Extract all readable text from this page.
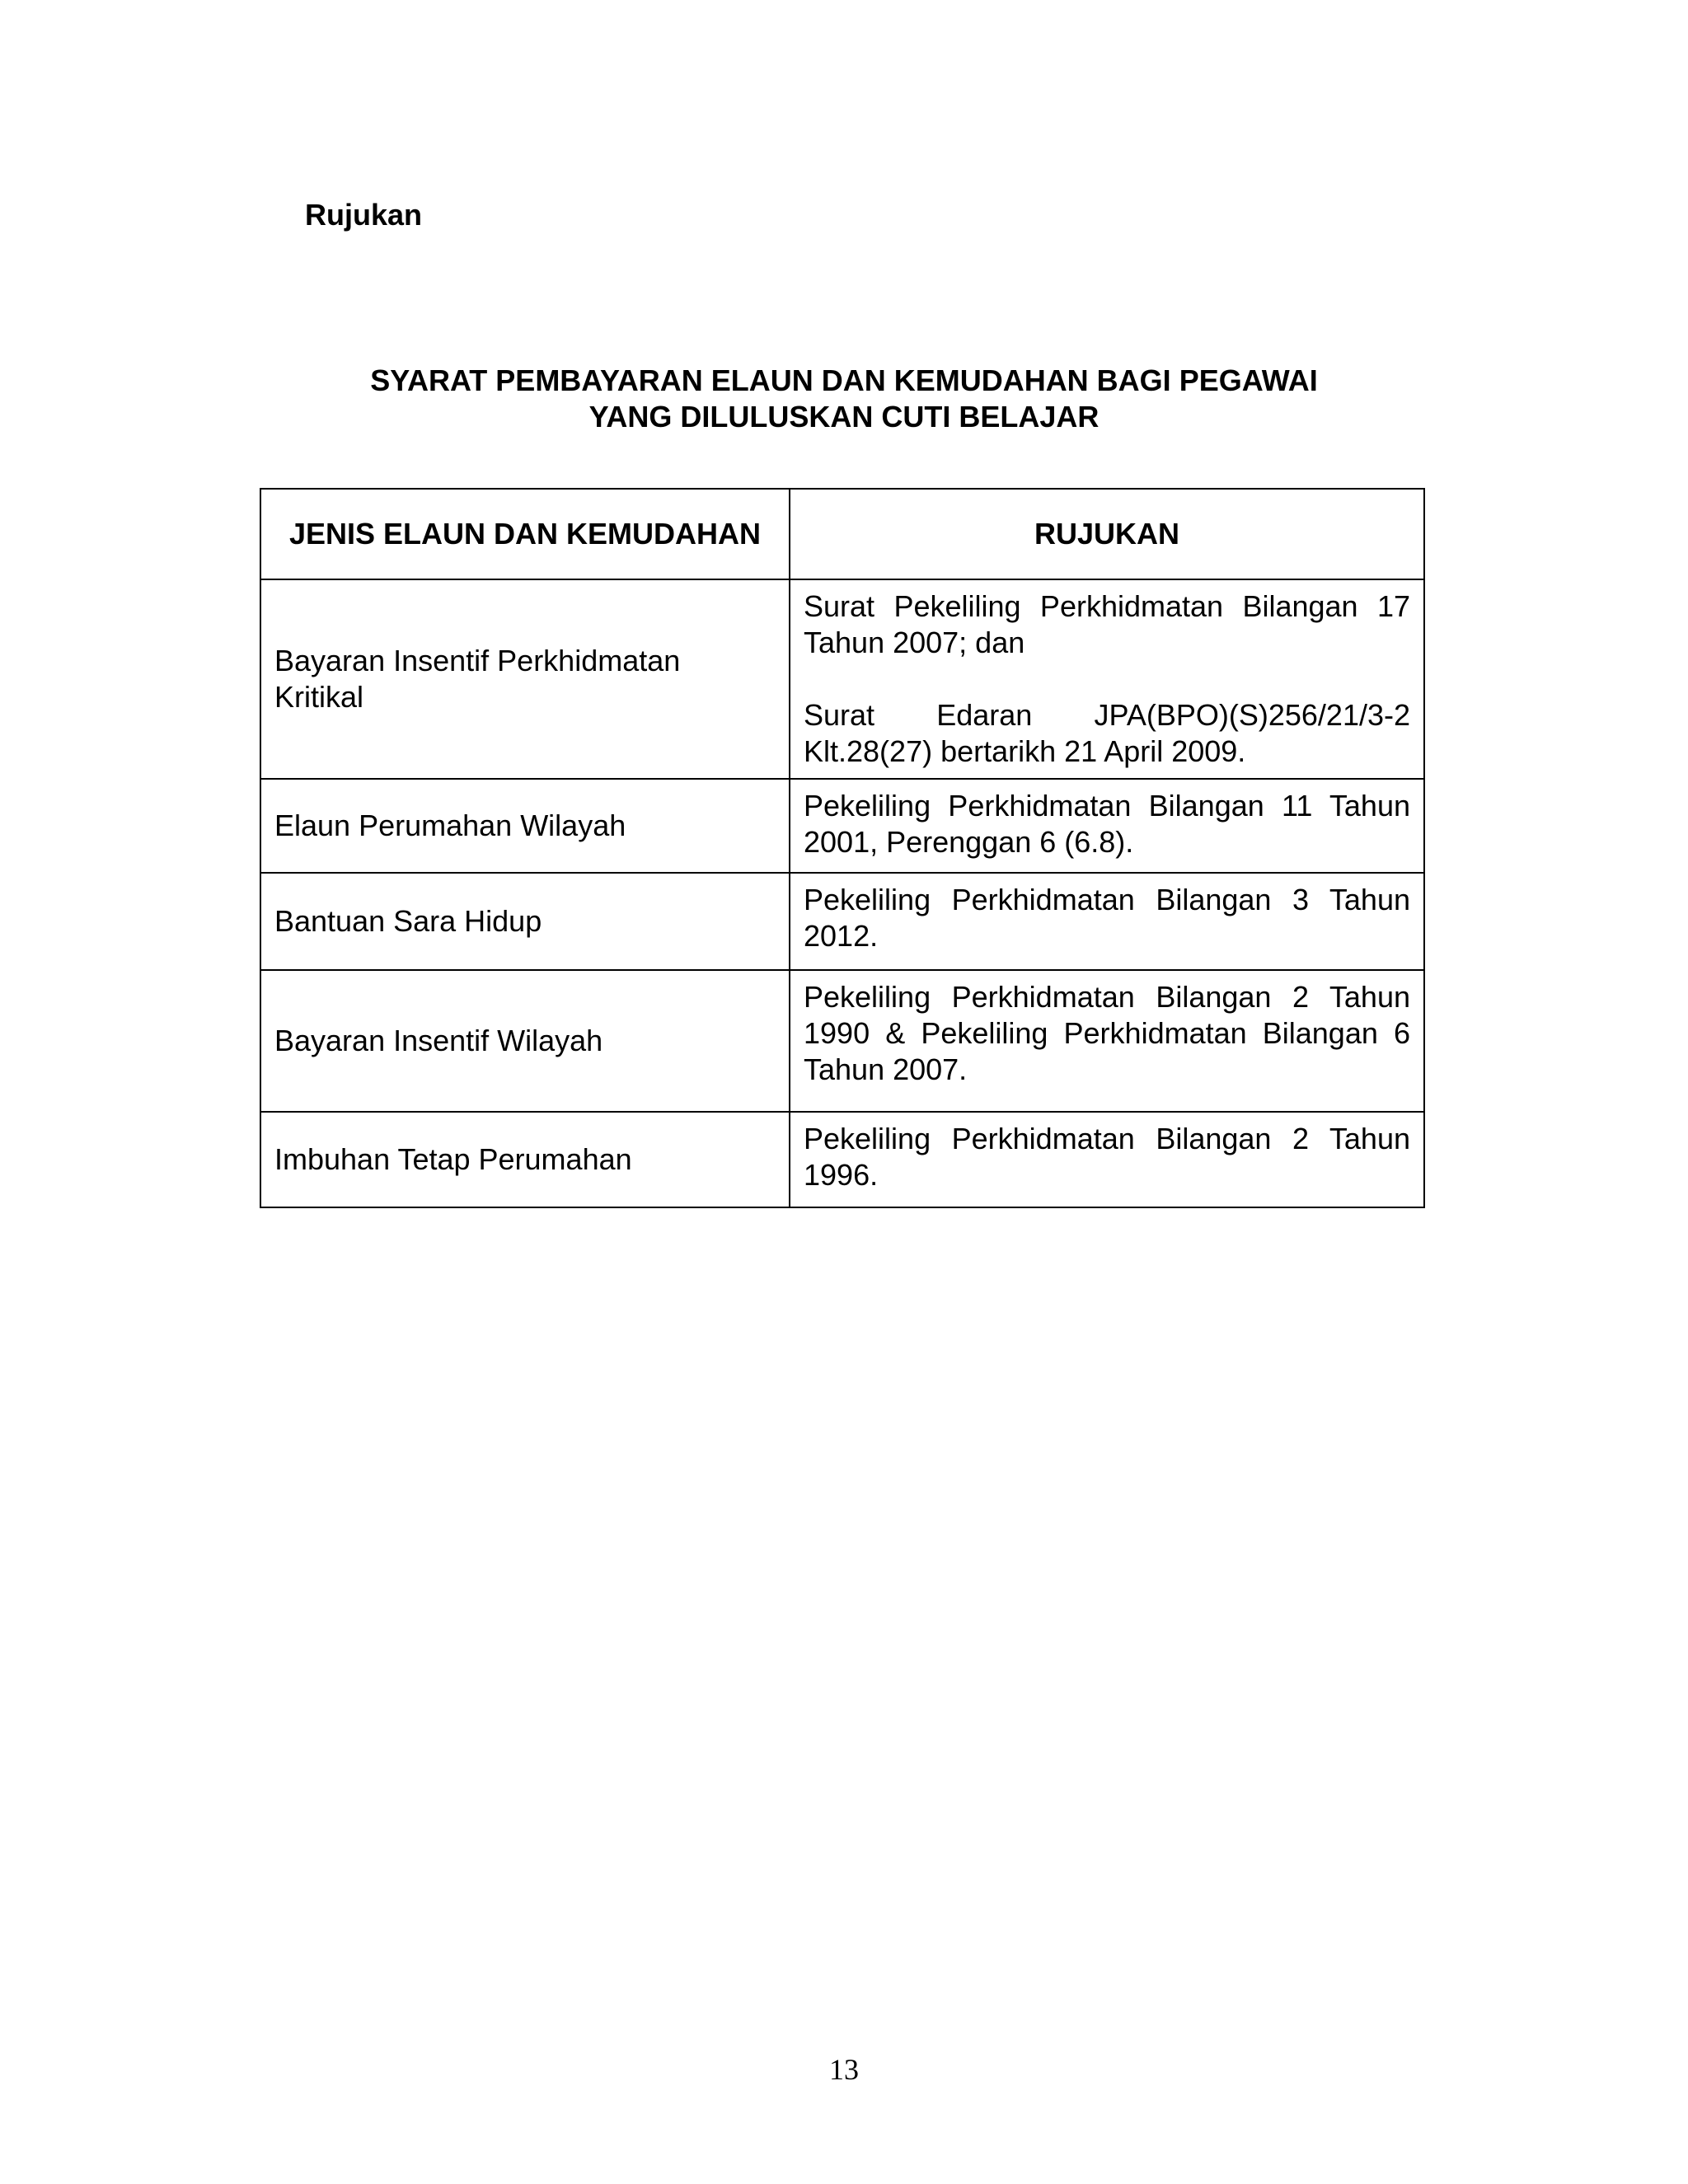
Rujukan
SYARAT PEMBAYARAN ELAUN DAN KEMUDAHAN BAGI PEGAWAI
YANG DILULUSKAN CUTI BELAJAR
JENIS ELAUN DAN KEMUDAHAN	RUJUKAN
Bayaran Insentif Perkhidmatan Kritikal	Surat Pekeliling Perkhidmatan Bilangan 17 Tahun 2007; dan
Surat Edaran JPA(BPO)(S)256/21/3-2 Klt.28(27) bertarikh 21 April 2009.

Elaun Perumahan Wilayah	Pekeliling Perkhidmatan Bilangan 11 Tahun 2001, Perenggan 6 (6.8).

Bantuan Sara Hidup	Pekeliling Perkhidmatan Bilangan 3 Tahun 2012.

Bayaran Insentif Wilayah	Pekeliling Perkhidmatan Bilangan 2 Tahun 1990 & Pekeliling Perkhidmatan Bilangan 6 Tahun 2007.

Imbuhan Tetap Perumahan	Pekeliling Perkhidmatan Bilangan 2 Tahun 1996.
13
